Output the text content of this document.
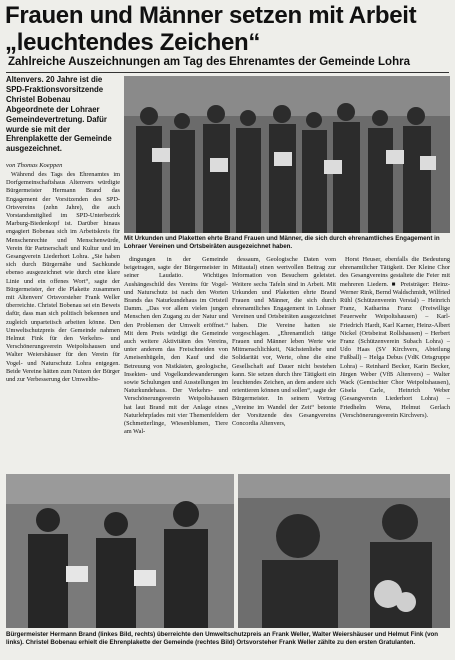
Frauen und Männer setzen mit Arbeit „leuchtendes Zeichen“
Zahlreiche Auszeichnungen am Tag des Ehrenamtes der Gemeinde Lohra

Altenvers. 20 Jahre ist die SPD-Fraktionsvorsitzende Christel Bobenau Abgeordnete der Lohraer Gemeindevertretung. Dafür wurde sie mit der Ehrenplakette der Gemeinde ausgezeichnet.

von Thomas Koeppen

Mit Urkunden und Plaketten ehrte Brand Frauen und Männer, die sich durch ehrenamtliches Engagement in Lohraer Vereinen und Ortsbeiräten ausgezeichnet haben.

Während des Tags des Ehrenamtes im Dorfgemeinschaftshaus Altenvers würdigte Bürgermeister Hermann Brand das Engagement der Vorsitzenden des SPD-Ortsvereins (zehn Jahre), die auch Vorstandsmitglied im SPD-Unterbezirk Marburg-Biedenkopf ist. Darüber hinaus engagiert Bobenau sich im Arbeitskreis für Menschenrechte und Menschenwürde, Verein für Partnerschaft und Kultur und im Gesangverein Liederhort Lohra. „Sie haben sich durch Bürgernähe und Sachkunde ebenso ausgezeichnet wie durch eine klare Linie und ein offenes Wort“, sagte der Bürgermeister, der die Plakette zusammen mit Altenvers' Ortsvorsteher Frank Weller überreichte. Christel Bobenau sei ein Beweis dafür, dass man sich politisch bekennen und zugleich unparteiisch arbeiten könne. Den Umweltschutzpreis der Gemeinde nahmen Helmut Fink für den Verkehrs- und Verschönerungsverein Weipoltshausen und Walter Weiershäuser für den Verein für Vogel- und Naturschutz Lohra entgegen. Beide Vereine hätten zum Nutzen der Bürger und zur Verbesserung der Umweltbe-

dingungen in der Gemeinde beigetragen, sagte der Bürgermeister in seiner Laudatio. Wichtiges Aushängeschild des Vereins für Vogel- und Naturschutz ist nach den Worten Brands das Naturkundehaus im Ortsteil Damm. „Das vor allem vielen jungen Menschen den Zugang zu der Natur und den Problemen der Umwelt eröffnet.“ Mit dem Preis würdigt die Gemeinde auch weitere Aktivitäten des Vereins, unter anderem das Freischneiden von Ameisenhügeln, den Kauf und die Betreuung von Nistkästen, geologische, Insekten- und Vogelkundewanderungen sowie Schulungen und Ausstellungen im Naturkundehaus. Der Verkehrs- und Verschönerungsverein Weipoltshausen hat laut Brand mit der Anlage eines Naturlehrpfades mit vier Themenfeldern (Schmetterlinge, Wiesenblumen, Tiere am Wal-

dessaum, Geologische Daten vom Mittautal) einen wertvollen Beitrag zur Information von Besuchern geleistet. Weitere sechs Tafeln sind in Arbeit. Mit Urkunden und Plaketten ehrte Brand Frauen und Männer, die sich durch ehrenamtliches Engagement in Lohraer Vereinen und Ortsbeiräten ausgezeichnet haben. Die Vereine hatten sie vorgeschlagen. „Ehrenamtlich tätige Frauen und Männer leben Werte wie Mitmenschlichkeit, Nächstenliebe und Solidarität vor, Werte, ohne die eine Gesellschaft auf Dauer nicht bestehen kann. Sie setzen durch ihre Tätigkeit ein leuchtendes Zeichen, an dem andere sich orientieren können und sollen“, sagte der Bürgermeister. In seinem Vortrag „Vereine im Wandel der Zeit“ betonte der Vorsitzende des Gesangvereins Concordia Altenvers,

Horst Heuser, ebenfalls die Bedeutung ehrenamtlicher Tätigkeit. Der Kleine Chor des Gesangvereins gestaltete die Feier mit mehreren Liedern. ■ Preisträger: Heinz-Werner Rink, Bernd Waldschmidt, Wilfried Rühl (Schützenverein Verstal) – Heinrich Franz, Katharina Franz (Freiwillige Feuerwehr Weipoltshausen) – Karl-Friedrich Hardt, Karl Karner, Heinz-Albert Nickel (Ortsbeirat Rollshausen) – Herbert Franz (Schützenverein Subach Lohra) – Udo Haas (SV Kirchvers, Abteilung Fußball) – Helga Debus (VdK Ortsgruppe Lohra) – Reinhard Becker, Karin Becker, Jürgen Weber (VfB Altenvers) – Walter Wack (Gemischter Chor Weipoltshausen), Gisela Carle, Heinrich Weber (Gesangverein Liederhort Lohra) – Friedhelm Wena, Helmut Gerlach (Verschönerungsverein Kirchvers).

Bürgermeister Hermann Brand (linkes Bild, rechts) überreichte den Umweltschutzpreis an Frank Weller, Walter Weiershäuser und Helmut Fink (von links). Christel Bobenau erhielt die Ehrenplakette der Gemeinde (rechtes Bild) Ortsvorsteher Frank Weller zählte zu den ersten Gratulanten.
